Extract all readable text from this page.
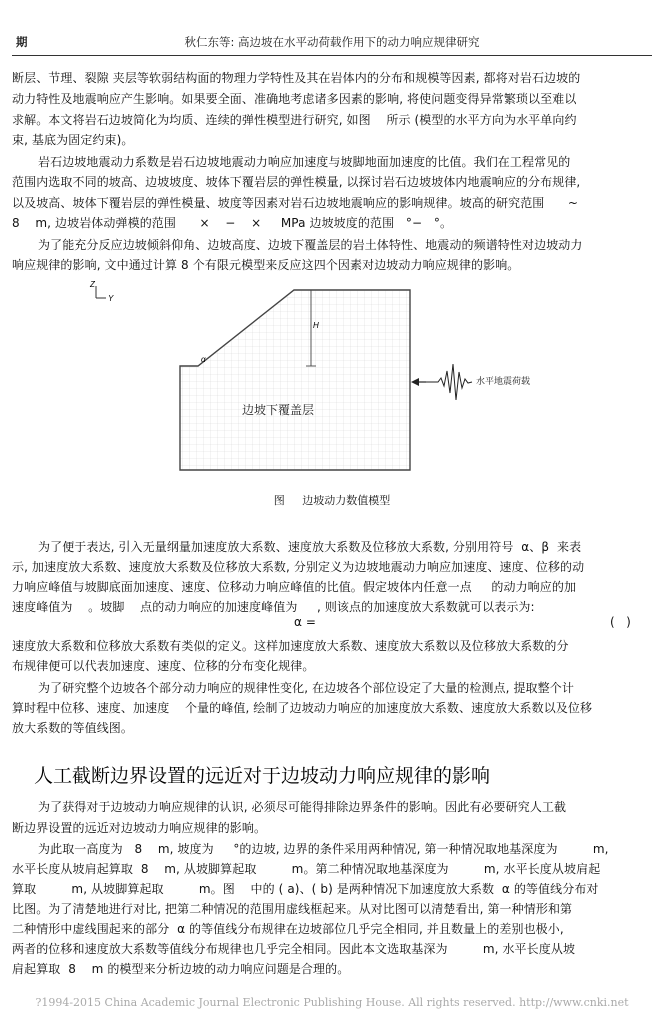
期	秋仁东等: 高边坡在水平动荷载作用下的动力响应规律研究
断层、节理、裂隙 夹层等软弱结构面的物理力学特性及其在岩体内的分布和规模等因素, 都将对岩石边坡的
动力特性及地震响应产生影响。如果要全面、准确地考虑诸多因素的影响, 将使问题变得异常繁琐以至难以
求解。本文将岩石边坡简化为均质、连续的弹性模型进行研究, 如图    所示 (模型的水平方向为水平单向约
束, 基底为固定约束)。
岩石边坡地震动力系数是岩石边坡地震动力响应加速度与坡脚地面加速度的比值。我们在工程常见的
范围内选取不同的坡高、边坡坡度、坡体下覆岩层的弹性模量, 以探讨岩石边坡坡体内地震响应的分布规律,
以及坡高、坡体下覆岩层的弹性模量、坡度等因素对岩石边坡地震响应的影响规律。坡高的研究范围      ~
8    m, 边坡岩体动弹模的范围      ×    −    ×     MPa 边坡坡度的范围   °−   °。
为了能充分反应边坡倾斜仰角、边坡高度、边坡下覆盖层的岩土体特性、地震动的频谱特性对边坡动力
响应规律的影响, 文中通过计算 8 个有限元模型来反应这四个因素对边坡动力响应规律的影响。
Z
Y
H
α
边坡下覆盖层
水平地震荷载
图     边坡动力数值模型
为了便于表达, 引入无量纲量加速度放大系数、速度放大系数及位移放大系数, 分别用符号  α、β  来表
示, 加速度放大系数、速度放大系数及位移放大系数, 分别定义为边坡地震动力响应加速度、速度、位移的动
力响应峰值与坡脚底面加速度、速度、位移动力响应峰值的比值。假定坡体内任意一点     的动力响应的加
速度峰值为    。坡脚    点的动力响应的加速度峰值为     , 则该点的加速度放大系数就可以表示为:
α =	(   )
速度放大系数和位移放大系数有类似的定义。这样加速度放大系数、速度放大系数以及位移放大系数的分
布规律便可以代表加速度、速度、位移的分布变化规律。
为了研究整个边坡各个部分动力响应的规律性变化, 在边坡各个部位设定了大量的检测点, 提取整个计
算时程中位移、速度、加速度    个量的峰值, 绘制了边坡动力响应的加速度放大系数、速度放大系数以及位移
放大系数的等值线图。
人工截断边界设置的远近对于边坡动力响应规律的影响
为了获得对于边坡动力响应规律的认识, 必须尽可能得排除边界条件的影响。因此有必要研究人工截
断边界设置的远近对边坡动力响应规律的影响。
为此取一高度为   8    m, 坡度为     °的边坡, 边界的条件采用两种情况, 第一种情况取地基深度为         m,
水平长度从坡肩起算取  8    m, 从坡脚算起取         m。第二种情况取地基深度为         m, 水平长度从坡肩起
算取         m, 从坡脚算起取         m。图    中的 ( a)、( b) 是两种情况下加速度放大系数  α 的等值线分布对
比图。为了清楚地进行对比, 把第二种情况的范围用虚线框起来。从对比图可以清楚看出, 第一种情形和第
二种情形中虚线围起来的部分  α 的等值线分布规律在边坡部位几乎完全相同, 并且数量上的差别也极小,
两者的位移和速度放大系数等值线分布规律也几乎完全相同。因此本文选取基深为         m, 水平长度从坡
肩起算取  8    m 的模型来分析边坡的动力响应问题是合理的。
?1994-2015 China Academic Journal Electronic Publishing House. All rights reserved. http://www.cnki.net
